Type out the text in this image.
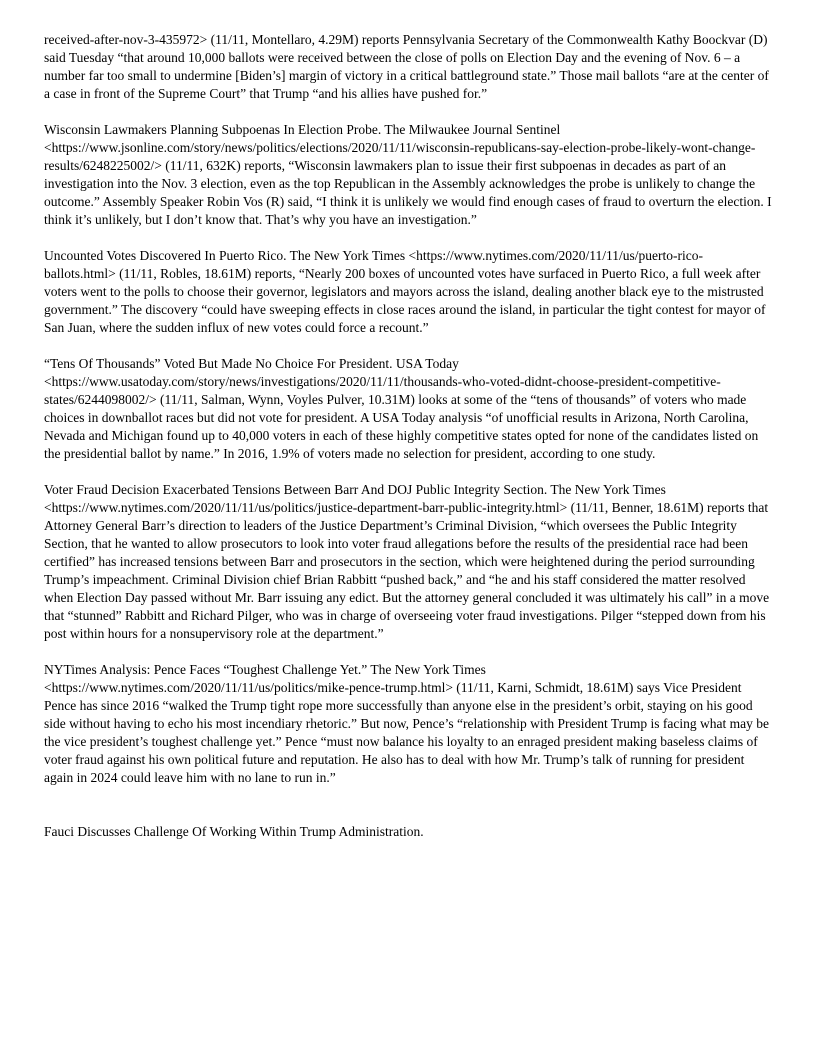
received-after-nov-3-435972> (11/11, Montellaro, 4.29M) reports Pennsylvania Secretary of the Commonwealth Kathy Boockvar (D) said Tuesday “that around 10,000 ballots were received between the close of polls on Election Day and the evening of Nov. 6 – a number far too small to undermine [Biden’s] margin of victory in a critical battleground state.” Those mail ballots “are at the center of a case in front of the Supreme Court” that Trump “and his allies have pushed for.”

Wisconsin Lawmakers Planning Subpoenas In Election Probe. The Milwaukee Journal Sentinel <https://www.jsonline.com/story/news/politics/elections/2020/11/11/wisconsin-republicans-say-election-probe-likely-wont-change-results/6248225002/> (11/11, 632K) reports, “Wisconsin lawmakers plan to issue their first subpoenas in decades as part of an investigation into the Nov. 3 election, even as the top Republican in the Assembly acknowledges the probe is unlikely to change the outcome.” Assembly Speaker Robin Vos (R) said, “I think it is unlikely we would find enough cases of fraud to overturn the election. I think it’s unlikely, but I don’t know that. That’s why you have an investigation.”

Uncounted Votes Discovered In Puerto Rico. The New York Times <https://www.nytimes.com/2020/11/11/us/puerto-rico-ballots.html> (11/11, Robles, 18.61M) reports, “Nearly 200 boxes of uncounted votes have surfaced in Puerto Rico, a full week after voters went to the polls to choose their governor, legislators and mayors across the island, dealing another black eye to the mistrusted government.” The discovery “could have sweeping effects in close races around the island, in particular the tight contest for mayor of San Juan, where the sudden influx of new votes could force a recount.”

“Tens Of Thousands” Voted But Made No Choice For President. USA Today <https://www.usatoday.com/story/news/investigations/2020/11/11/thousands-who-voted-didnt-choose-president-competitive-states/6244098002/> (11/11, Salman, Wynn, Voyles Pulver, 10.31M) looks at some of the “tens of thousands” of voters who made choices in downballot races but did not vote for president. A USA Today analysis “of unofficial results in Arizona, North Carolina, Nevada and Michigan found up to 40,000 voters in each of these highly competitive states opted for none of the candidates listed on the presidential ballot by name.” In 2016, 1.9% of voters made no selection for president, according to one study.

Voter Fraud Decision Exacerbated Tensions Between Barr And DOJ Public Integrity Section. The New York Times <https://www.nytimes.com/2020/11/11/us/politics/justice-department-barr-public-integrity.html> (11/11, Benner, 18.61M) reports that Attorney General Barr’s direction to leaders of the Justice Department’s Criminal Division, “which oversees the Public Integrity Section, that he wanted to allow prosecutors to look into voter fraud allegations before the results of the presidential race had been certified” has increased tensions between Barr and prosecutors in the section, which were heightened during the period surrounding Trump’s impeachment. Criminal Division chief Brian Rabbitt “pushed back,” and “he and his staff considered the matter resolved when Election Day passed without Mr. Barr issuing any edict. But the attorney general concluded it was ultimately his call” in a move that “stunned” Rabbitt and Richard Pilger, who was in charge of overseeing voter fraud investigations. Pilger “stepped down from his post within hours for a nonsupervisory role at the department.”

NYTimes Analysis: Pence Faces “Toughest Challenge Yet.” The New York Times <https://www.nytimes.com/2020/11/11/us/politics/mike-pence-trump.html> (11/11, Karni, Schmidt, 18.61M) says Vice President Pence has since 2016 “walked the Trump tight rope more successfully than anyone else in the president’s orbit, staying on his good side without having to echo his most incendiary rhetoric.” But now, Pence’s “relationship with President Trump is facing what may be the vice president’s toughest challenge yet.” Pence “must now balance his loyalty to an enraged president making baseless claims of voter fraud against his own political future and reputation. He also has to deal with how Mr. Trump’s talk of running for president again in 2024 could leave him with no lane to run in.”

Fauci Discusses Challenge Of Working Within Trump Administration.
